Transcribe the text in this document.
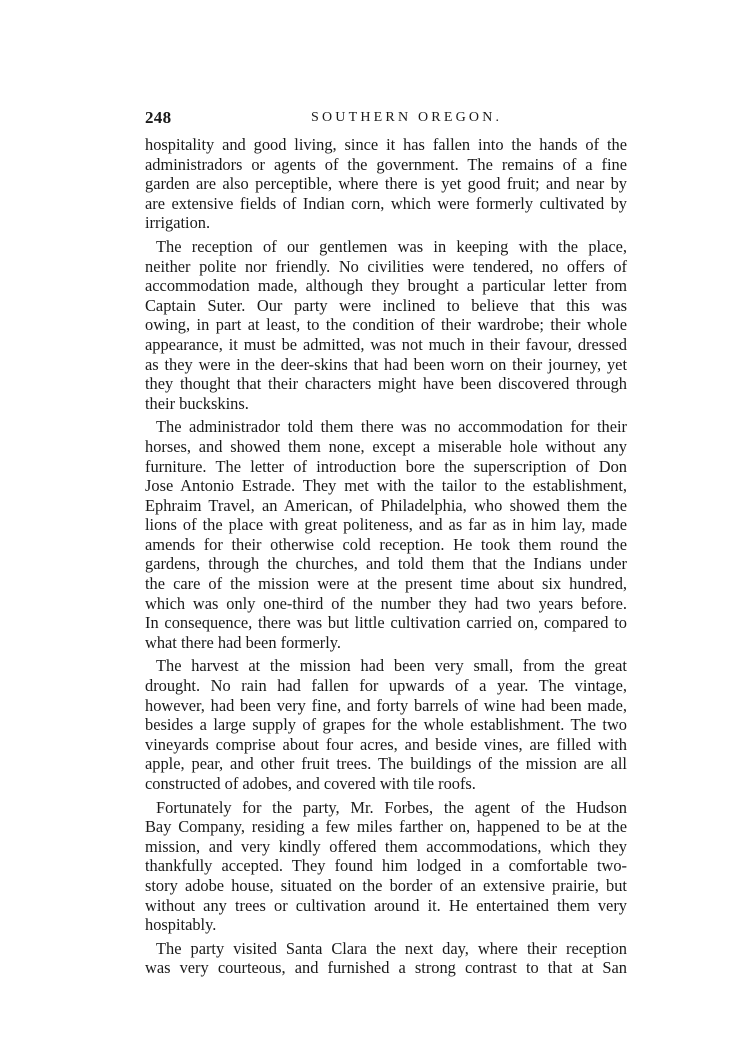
248	SOUTHERN OREGON.
hospitality and good living, since it has fallen into the hands of the
administradors or agents of the government. The remains of a fine
garden are also perceptible, where there is yet good fruit; and near by
are extensive fields of Indian corn, which were formerly cultivated by
irrigation.
The reception of our gentlemen was in keeping with the place,
neither polite nor friendly. No civilities were tendered, no offers of
accommodation made, although they brought a particular letter from
Captain Suter. Our party were inclined to believe that this was
owing, in part at least, to the condition of their wardrobe; their whole
appearance, it must be admitted, was not much in their favour, dressed
as they were in the deer-skins that had been worn on their journey, yet
they thought that their characters might have been discovered through
their buckskins.
The administrador told them there was no accommodation for their
horses, and showed them none, except a miserable hole without any
furniture. The letter of introduction bore the superscription of Don
Jose Antonio Estrade. They met with the tailor to the establishment,
Ephraim Travel, an American, of Philadelphia, who showed them the
lions of the place with great politeness, and as far as in him lay, made
amends for their otherwise cold reception. He took them round the
gardens, through the churches, and told them that the Indians under
the care of the mission were at the present time about six hundred,
which was only one-third of the number they had two years before.
In consequence, there was but little cultivation carried on, compared to
what there had been formerly.
The harvest at the mission had been very small, from the great
drought. No rain had fallen for upwards of a year. The vintage,
however, had been very fine, and forty barrels of wine had been made,
besides a large supply of grapes for the whole establishment. The two
vineyards comprise about four acres, and beside vines, are filled with
apple, pear, and other fruit trees. The buildings of the mission are all
constructed of adobes, and covered with tile roofs.
Fortunately for the party, Mr. Forbes, the agent of the Hudson
Bay Company, residing a few miles farther on, happened to be at the
mission, and very kindly offered them accommodations, which they
thankfully accepted. They found him lodged in a comfortable two-
story adobe house, situated on the border of an extensive prairie, but
without any trees or cultivation around it. He entertained them very
hospitably.
The party visited Santa Clara the next day, where their reception
was very courteous, and furnished a strong contrast to that at San
